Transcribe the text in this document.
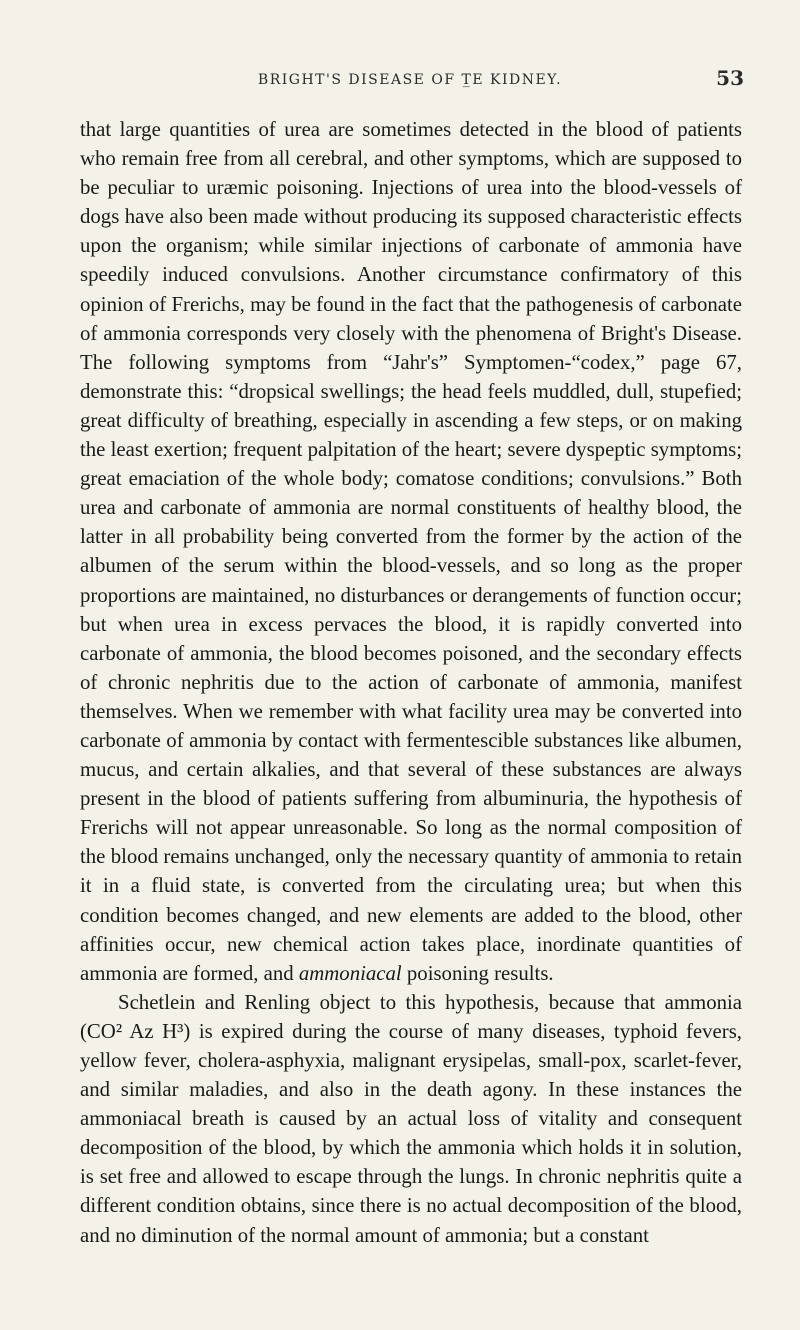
BRIGHT'S DISEASE OF T̲E KIDNEY.	53

that large quantities of urea are sometimes detected in the blood of patients who remain free from all cerebral, and other symptoms, which are supposed to be peculiar to uræmic poisoning. Injections of urea into the blood-vessels of dogs have also been made without producing its supposed characteristic effects upon the organism; while similar injections of carbonate of ammonia have speedily induced convulsions. Another circumstance confirmatory of this opinion of Frerichs, may be found in the fact that the pathogenesis of carbonate of ammonia corresponds very closely with the phenomena of Bright's Disease. The following symptoms from “Jahr's” Symptomen-“codex,” page 67, demonstrate this: “dropsical swellings; the head feels muddled, dull, stupefied; great difficulty of breathing, especially in ascending a few steps, or on making the least exertion; frequent palpitation of the heart; severe dyspeptic symptoms; great emaciation of the whole body; comatose conditions; convulsions.” Both urea and carbonate of ammonia are normal constituents of healthy blood, the latter in all probability being converted from the former by the action of the albumen of the serum within the blood-vessels, and so long as the proper proportions are maintained, no disturbances or derangements of function occur; but when urea in excess pervaces the blood, it is rapidly converted into carbonate of ammonia, the blood becomes poisoned, and the secondary effects of chronic nephritis due to the action of carbonate of ammonia, manifest themselves. When we remember with what facility urea may be converted into carbonate of ammonia by contact with fermentescible substances like albumen, mucus, and certain alkalies, and that several of these substances are always present in the blood of patients suffering from albuminuria, the hypothesis of Frerichs will not appear unreasonable. So long as the normal composition of the blood remains unchanged, only the necessary quantity of ammonia to retain it in a fluid state, is converted from the circulating urea; but when this condition becomes changed, and new elements are added to the blood, other affinities occur, new chemical action takes place, inordinate quantities of ammonia are formed, and ammoniacal poisoning results.

Schetlein and Renling object to this hypothesis, because that ammonia (CO² Az H³) is expired during the course of many diseases, typhoid fevers, yellow fever, cholera-asphyxia, malignant erysipelas, small-pox, scarlet-fever, and similar maladies, and also in the death agony. In these instances the ammoniacal breath is caused by an actual loss of vitality and consequent decomposition of the blood, by which the ammonia which holds it in solution, is set free and allowed to escape through the lungs. In chronic nephritis quite a different condition obtains, since there is no actual decomposition of the blood, and no diminution of the normal amount of ammonia; but a constant
